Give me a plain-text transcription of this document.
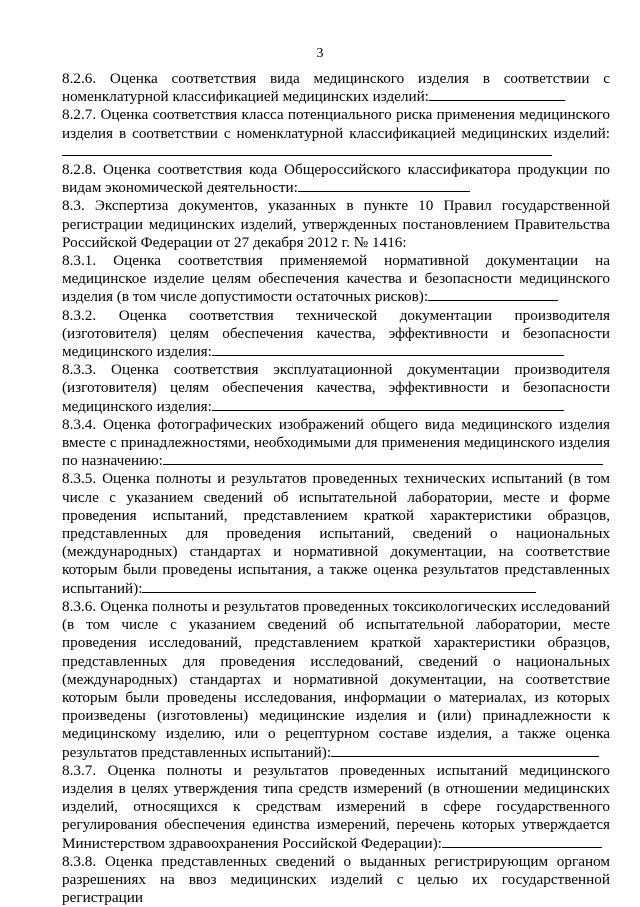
3

8.2.6. Оценка соответствия вида медицинского изделия в соответствии с номенклатурной классификацией медицинских изделий:

8.2.7. Оценка соответствия класса потенциального риска применения медицинского изделия в соответствии с номенклатурной классификацией медицинских изделий:

8.2.8. Оценка соответствия кода Общероссийского классификатора продукции по видам экономической деятельности:

8.3. Экспертиза документов, указанных в пункте 10 Правил государственной регистрации медицинских изделий, утвержденных постановлением Правительства Российской Федерации от 27 декабря 2012 г. № 1416:

8.3.1. Оценка соответствия применяемой нормативной документации на медицинское изделие целям обеспечения качества и безопасности медицинского изделия (в том числе допустимости остаточных рисков):

8.3.2. Оценка соответствия технической документации производителя (изготовителя) целям обеспечения качества, эффективности и безопасности медицинского изделия:

8.3.3. Оценка соответствия эксплуатационной документации производителя (изготовителя) целям обеспечения качества, эффективности и безопасности медицинского изделия:

8.3.4. Оценка фотографических изображений общего вида медицинского изделия вместе с принадлежностями, необходимыми для применения медицинского изделия по назначению:

8.3.5. Оценка полноты и результатов проведенных технических испытаний (в том числе с указанием сведений об испытательной лаборатории, месте и форме проведения испытаний, представлением краткой характеристики образцов, представленных для проведения испытаний, сведений о национальных (международных) стандартах и нормативной документации, на соответствие которым были проведены испытания, а также оценка результатов представленных испытаний):

8.3.6. Оценка полноты и результатов проведенных токсикологических исследований (в том числе с указанием сведений об испытательной лаборатории, месте проведения исследований, представлением краткой характеристики образцов, представленных для проведения исследований, сведений о национальных (международных) стандартах и нормативной документации, на соответствие которым были проведены исследования, информации о материалах, из которых произведены (изготовлены) медицинские изделия и (или) принадлежности к медицинскому изделию, или о рецептурном составе изделия, а также оценка результатов представленных испытаний):

8.3.7. Оценка полноты и результатов проведенных испытаний медицинского изделия в целях утверждения типа средств измерений (в отношении медицинских изделий, относящихся к средствам измерений в сфере государственного регулирования обеспечения единства измерений, перечень которых утверждается Министерством здравоохранения Российской Федерации):

8.3.8. Оценка представленных сведений о выданных регистрирующим органом разрешениях на ввоз медицинских изделий с целью их государственной регистрации
